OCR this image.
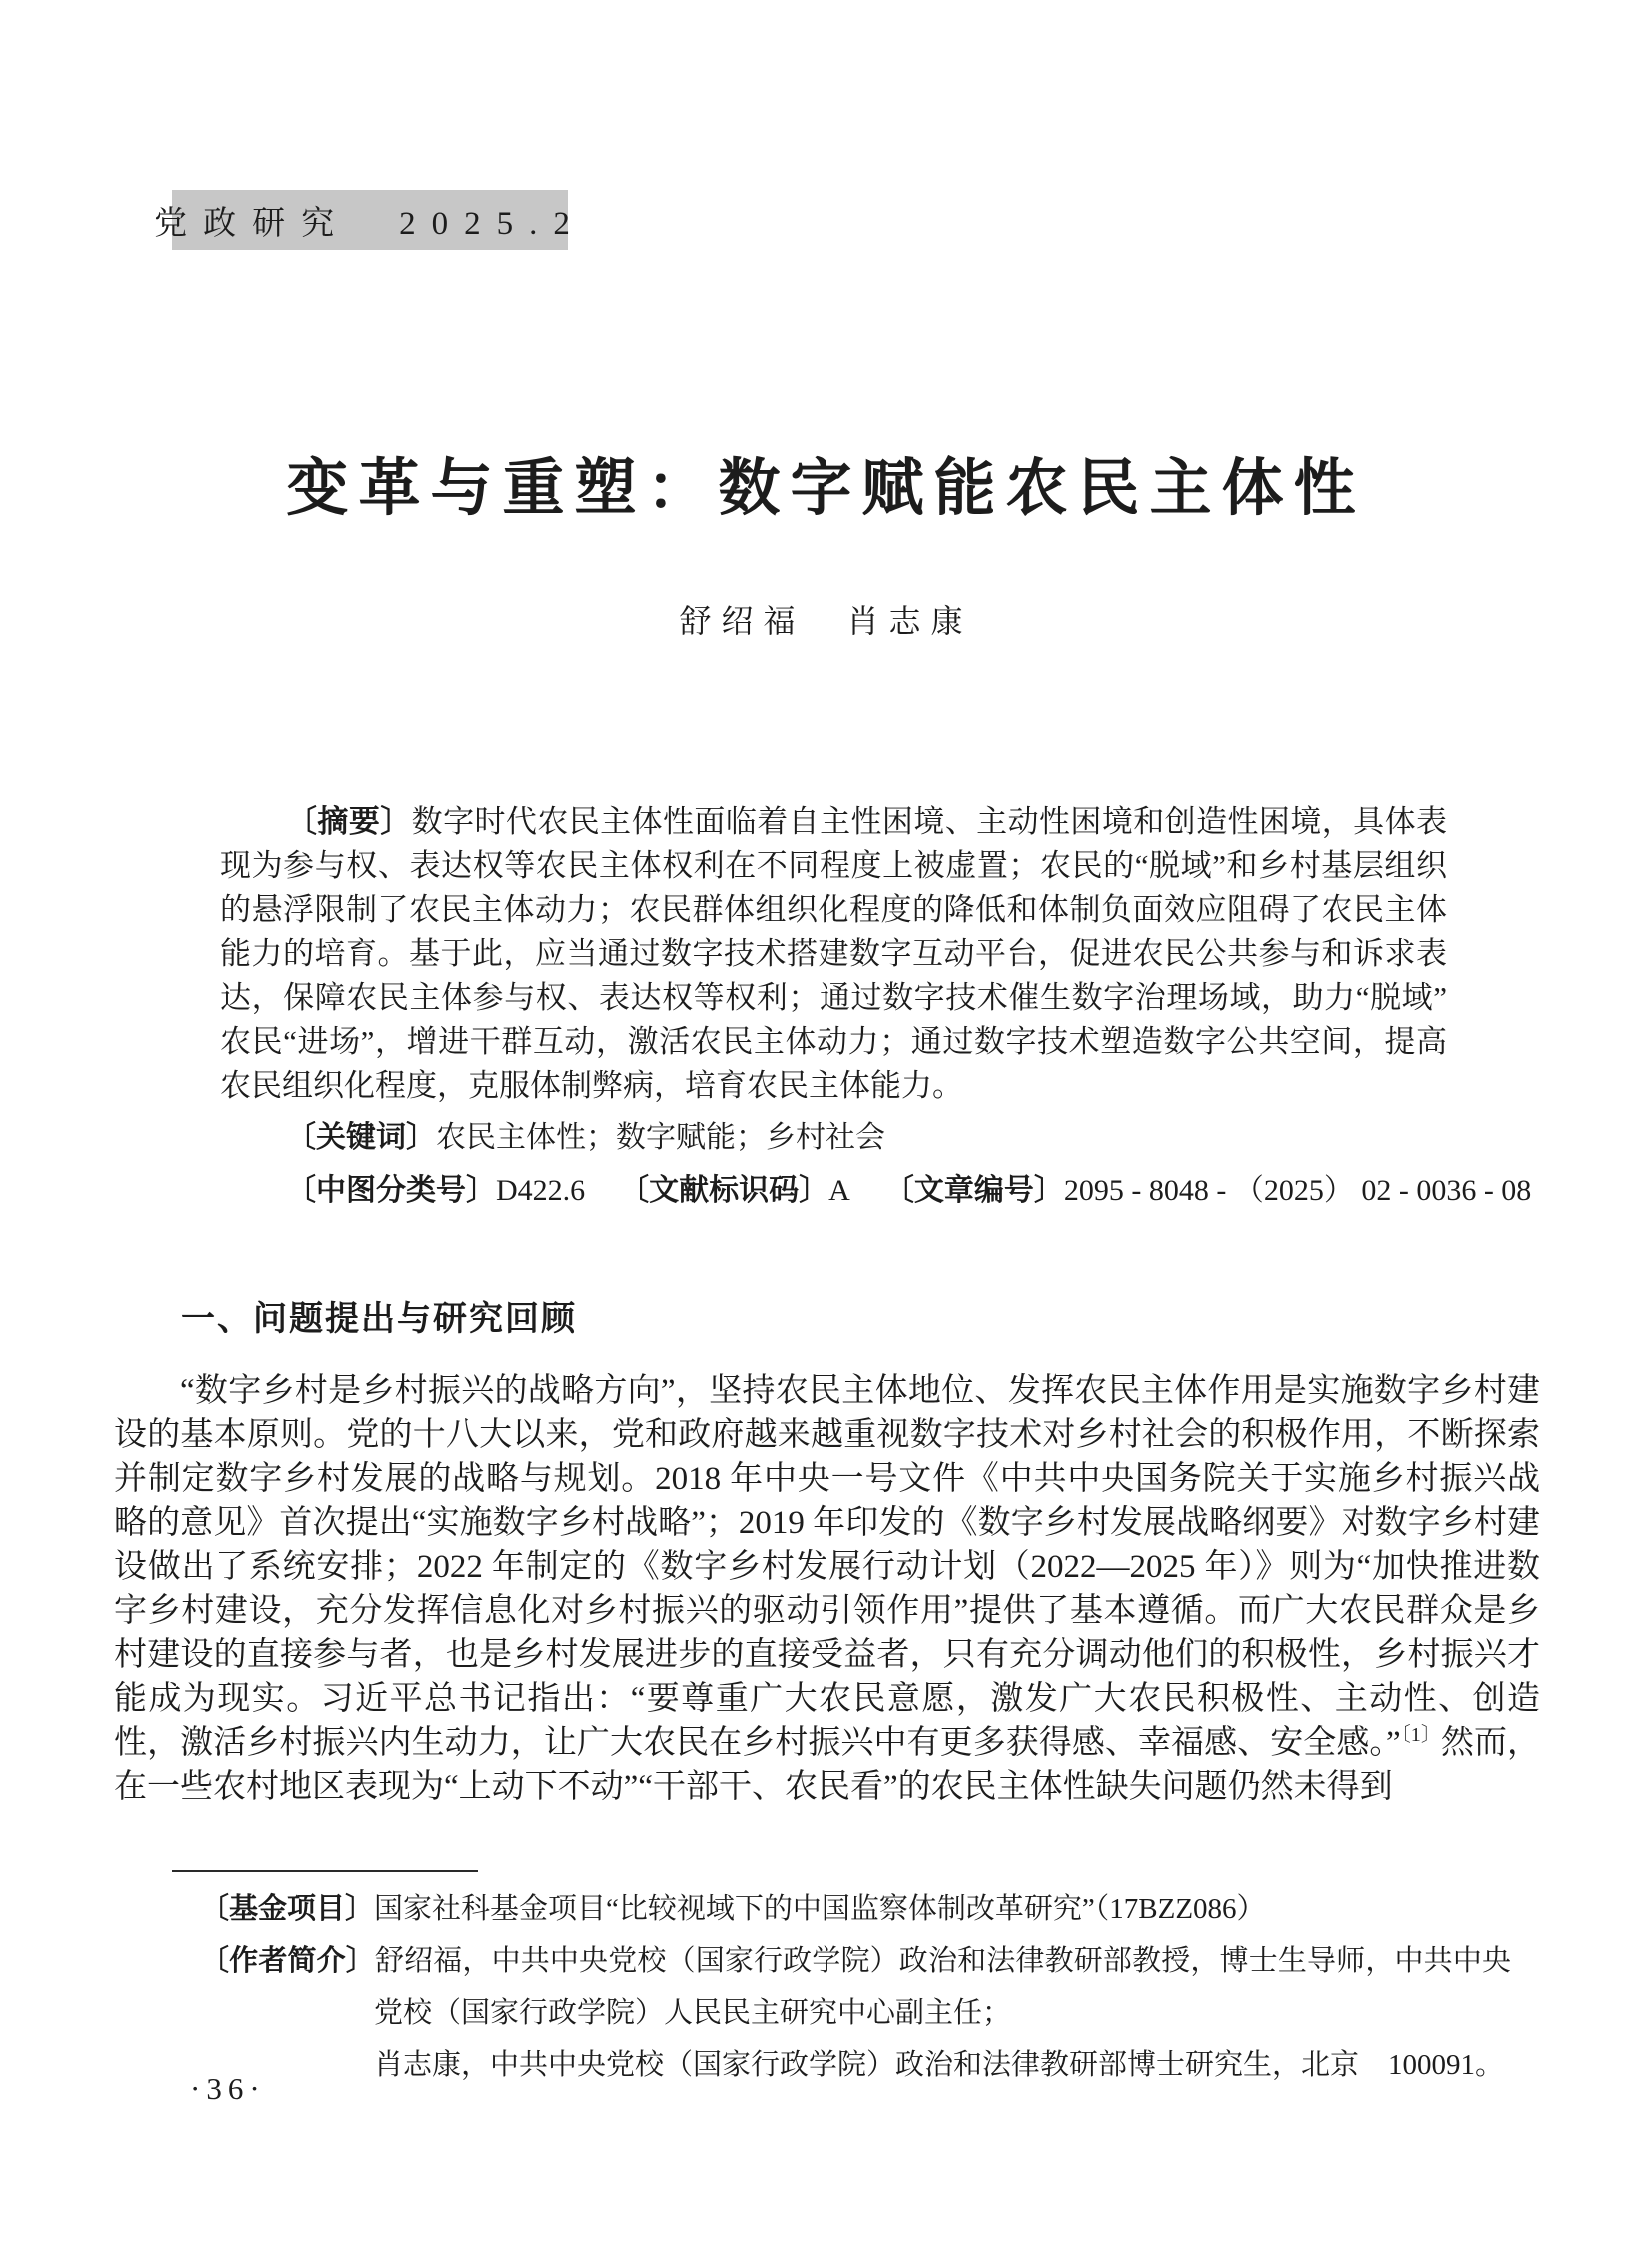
党政研究　2025.2
变革与重塑：数字赋能农民主体性
舒绍福　肖志康

〔摘要〕数字时代农民主体性面临着自主性困境、主动性困境和创造性困境，具体表现为参与权、表达权等农民主体权利在不同程度上被虚置；农民的“脱域”和乡村基层组织的悬浮限制了农民主体动力；农民群体组织化程度的降低和体制负面效应阻碍了农民主体能力的培育。基于此，应当通过数字技术搭建数字互动平台，促进农民公共参与和诉求表达，保障农民主体参与权、表达权等权利；通过数字技术催生数字治理场域，助力“脱域”农民“进场”，增进干群互动，激活农民主体动力；通过数字技术塑造数字公共空间，提高农民组织化程度，克服体制弊病，培育农民主体能力。

〔关键词〕农民主体性；数字赋能；乡村社会

〔中图分类号〕D422.6 〔文献标识码〕A 〔文章编号〕2095 - 8048 - （2025） 02 - 0036 - 08

一、问题提出与研究回顾

“数字乡村是乡村振兴的战略方向”，坚持农民主体地位、发挥农民主体作用是实施数字乡村建设的基本原则。党的十八大以来，党和政府越来越重视数字技术对乡村社会的积极作用，不断探索并制定数字乡村发展的战略与规划。2018 年中央一号文件《中共中央国务院关于实施乡村振兴战略的意见》首次提出“实施数字乡村战略”；2019 年印发的《数字乡村发展战略纲要》对数字乡村建设做出了系统安排；2022 年制定的《数字乡村发展行动计划（2022—2025 年）》则为“加快推进数字乡村建设，充分发挥信息化对乡村振兴的驱动引领作用”提供了基本遵循。而广大农民群众是乡村建设的直接参与者，也是乡村发展进步的直接受益者，只有充分调动他们的积极性，乡村振兴才能成为现实。习近平总书记指出：“要尊重广大农民意愿，激发广大农民积极性、主动性、创造性，激活乡村振兴内生动力，让广大农民在乡村振兴中有更多获得感、幸福感、安全感。”$^{〔1〕}$然而，在一些农村地区表现为“上动下不动”“干部干、农民看”的农民主体性缺失问题仍然未得到

〔基金项目〕国家社科基金项目“比较视域下的中国监察体制改革研究”（17BZZ086）

〔作者简介〕舒绍福，中共中央党校（国家行政学院）政治和法律教研部教授，博士生导师，中共中央党校（国家行政学院）人民民主研究中心副主任；

肖志康，中共中央党校（国家行政学院）政治和法律教研部博士研究生，北京　100091。

·36·
